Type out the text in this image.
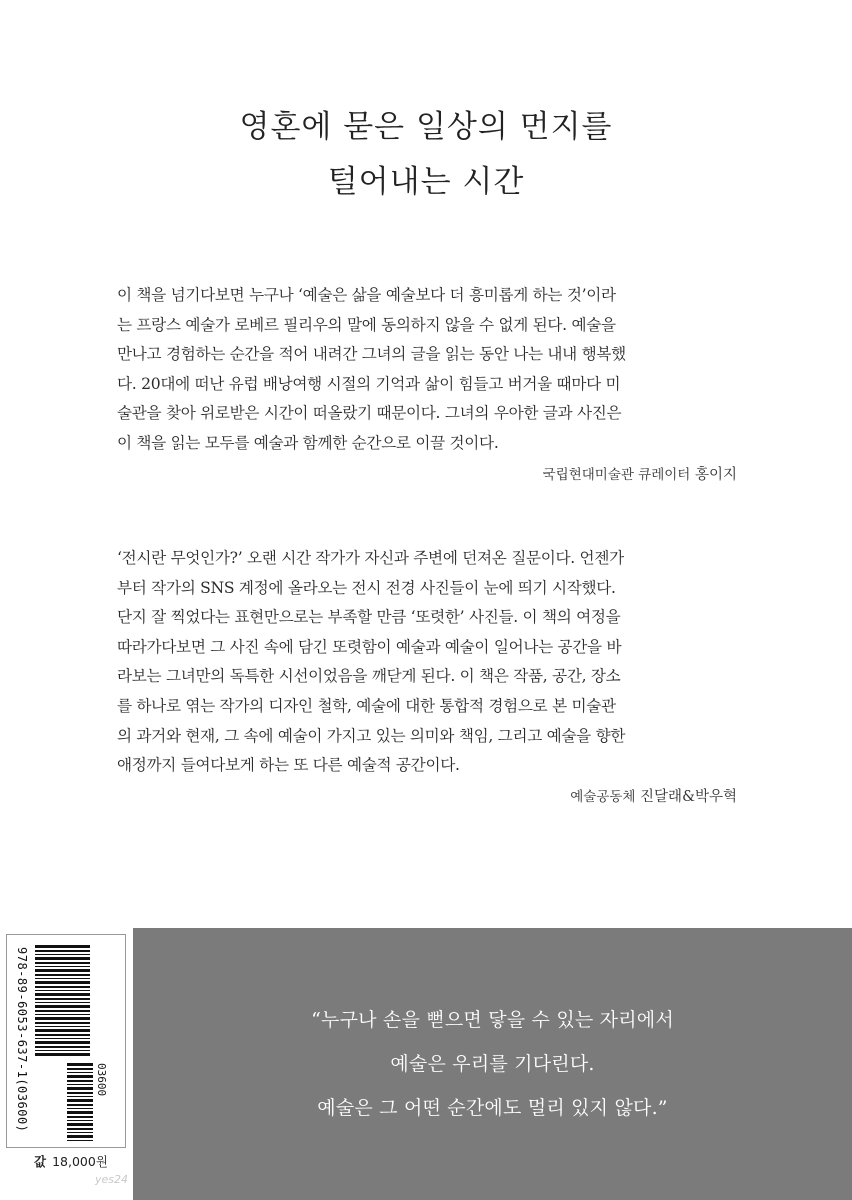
영혼에 묻은 일상의 먼지를
털어내는 시간
이 책을 넘기다보면 누구나 ‘예술은 삶을 예술보다 더 흥미롭게 하는 것’이라
는 프랑스 예술가 로베르 필리우의 말에 동의하지 않을 수 없게 된다. 예술을
만나고 경험하는 순간을 적어 내려간 그녀의 글을 읽는 동안 나는 내내 행복했
다. 20대에 떠난 유럽 배낭여행 시절의 기억과 삶이 힘들고 버거울 때마다 미
술관을 찾아 위로받은 시간이 떠올랐기 때문이다. 그녀의 우아한 글과 사진은
이 책을 읽는 모두를 예술과 함께한 순간으로 이끌 것이다.
국립현대미술관 큐레이터 홍이지
‘전시란 무엇인가?’ 오랜 시간 작가가 자신과 주변에 던져온 질문이다. 언젠가
부터 작가의 SNS 계정에 올라오는 전시 전경 사진들이 눈에 띄기 시작했다.
단지 잘 찍었다는 표현만으로는 부족할 만큼 ‘또렷한’ 사진들. 이 책의 여정을
따라가다보면 그 사진 속에 담긴 또렷함이 예술과 예술이 일어나는 공간을 바
라보는 그녀만의 독특한 시선이었음을 깨닫게 된다. 이 책은 작품, 공간, 장소
를 하나로 엮는 작가의 디자인 철학, 예술에 대한 통합적 경험으로 본 미술관
의 과거와 현재, 그 속에 예술이 가지고 있는 의미와 책임, 그리고 예술을 향한
애정까지 들여다보게 하는 또 다른 예술적 공간이다.
예술공동체 진달래&박우혁
978-89-6053-637-1(03600)	03600
값 18,000원
yes24
“누구나 손을 뻗으면 닿을 수 있는 자리에서
예술은 우리를 기다린다.
예술은 그 어떤 순간에도 멀리 있지 않다.”
